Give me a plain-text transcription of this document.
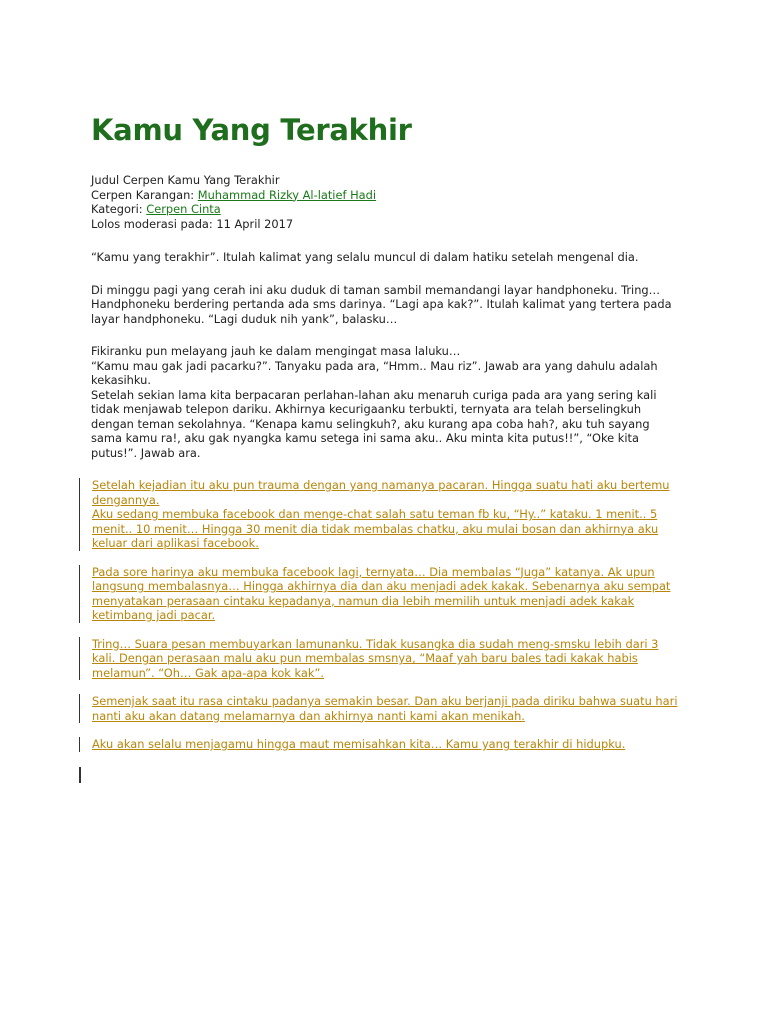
Kamu Yang Terakhir
Judul Cerpen Kamu Yang Terakhir
Cerpen Karangan: Muhammad Rizky Al-latief Hadi
Kategori: Cerpen Cinta
Lolos moderasi pada: 11 April 2017
“Kamu yang terakhir”. Itulah kalimat yang selalu muncul di dalam hatiku setelah mengenal dia.
Di minggu pagi yang cerah ini aku duduk di taman sambil memandangi layar handphoneku. Tring…
Handphoneku berdering pertanda ada sms darinya. “Lagi apa kak?”. Itulah kalimat yang tertera pada
layar handphoneku. “Lagi duduk nih yank”, balasku…
Fikiranku pun melayang jauh ke dalam mengingat masa laluku…
“Kamu mau gak jadi pacarku?”. Tanyaku pada ara, “Hmm.. Mau riz”. Jawab ara yang dahulu adalah
kekasihku.
Setelah sekian lama kita berpacaran perlahan-lahan aku menaruh curiga pada ara yang sering kali
tidak menjawab telepon dariku. Akhirnya kecurigaanku terbukti, ternyata ara telah berselingkuh
dengan teman sekolahnya. “Kenapa kamu selingkuh?, aku kurang apa coba hah?, aku tuh sayang
sama kamu ra!, aku gak nyangka kamu setega ini sama aku.. Aku minta kita putus!!”, “Oke kita
putus!”. Jawab ara.
Setelah kejadian itu aku pun trauma dengan yang namanya pacaran. Hingga suatu hati aku bertemu
dengannya.
Aku sedang membuka facebook dan menge-chat salah satu teman fb ku, “Hy..” kataku. 1 menit.. 5
menit.. 10 menit… Hingga 30 menit dia tidak membalas chatku, aku mulai bosan dan akhirnya aku
keluar dari aplikasi facebook.
Pada sore harinya aku membuka facebook lagi, ternyata… Dia membalas “Juga” katanya. Ak upun
langsung membalasnya… Hingga akhirnya dia dan aku menjadi adek kakak. Sebenarnya aku sempat
menyatakan perasaan cintaku kepadanya, namun dia lebih memilih untuk menjadi adek kakak
ketimbang jadi pacar.
Tring… Suara pesan membuyarkan lamunanku. Tidak kusangka dia sudah meng-smsku lebih dari 3
kali. Dengan perasaan malu aku pun membalas smsnya, “Maaf yah baru bales tadi kakak habis
melamun”. “Oh… Gak apa-apa kok kak”.
Semenjak saat itu rasa cintaku padanya semakin besar. Dan aku berjanji pada diriku bahwa suatu hari
nanti aku akan datang melamarnya dan akhirnya nanti kami akan menikah.
Aku akan selalu menjagamu hingga maut memisahkan kita… Kamu yang terakhir di hidupku.
